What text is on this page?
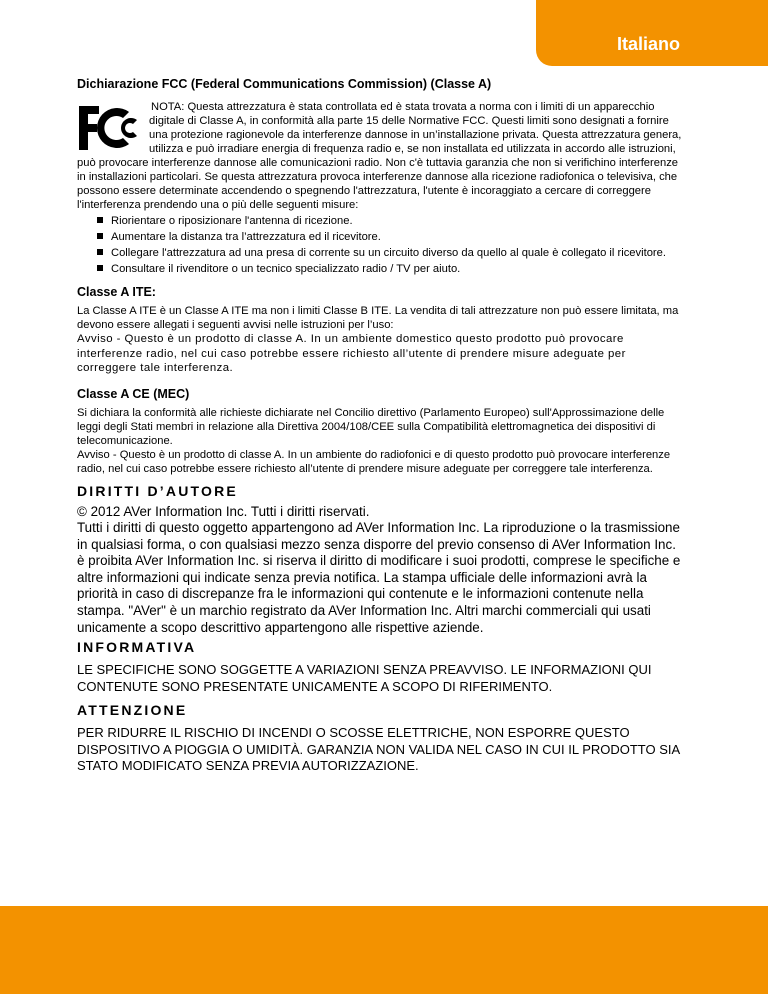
Italiano
Dichiarazione FCC (Federal Communications Commission) (Classe A)

NOTA: Questa attrezzatura è stata controllata ed è stata trovata a norma con i limiti di un apparecchio digitale di Classe A, in conformità alla parte 15 delle Normative FCC. Questi limiti sono designati a fornire una protezione ragionevole da interferenze dannose in un’installazione privata. Questa attrezzatura genera, utilizza e può irradiare energia di frequenza radio e, se non installata ed utilizzata in accordo alle istruzioni, può provocare interferenze dannose alle comunicazioni radio. Non c'è tuttavia garanzia che non si verifichino interferenze in installazioni particolari. Se questa attrezzatura provoca interferenze dannose alla ricezione radiofonica o televisiva, che possono essere determinate accendendo o spegnendo l'attrezzatura, l'utente è incoraggiato a cercare di correggere l'interferenza prendendo una o più delle seguenti misure:

Riorientare o riposizionare l'antenna di ricezione.
Aumentare la distanza tra l’attrezzatura ed il ricevitore.
Collegare l'attrezzatura ad una presa di corrente su un circuito diverso da quello al quale è collegato il ricevitore.
Consultare il rivenditore o un tecnico specializzato radio / TV per aiuto.
Classe A ITE:

La Classe A ITE è un Classe A ITE ma non i limiti Classe B ITE. La vendita di tali attrezzature non può essere limitata, ma devono essere allegati i seguenti avvisi nelle istruzioni per l’uso:

Avviso - Questo è un prodotto di classe A. In un ambiente domestico questo prodotto può provocare interferenze radio, nel cui caso potrebbe essere richiesto all’utente di prendere misure adeguate per correggere tale interferenza.

Classe A CE (MEC)

Si dichiara la conformità alle richieste dichiarate nel Concilio direttivo (Parlamento Europeo) sull'Approssimazione delle leggi degli Stati membri in relazione alla Direttiva 2004/108/CEE sulla Compatibilità elettromagnetica dei dispositivi di telecomunicazione.

Avviso - Questo è un prodotto di classe A. In un ambiente do radiofonici e di questo prodotto può provocare interferenze radio, nel cui caso potrebbe essere richiesto all’utente di prendere misure adeguate per correggere tale interferenza.

DIRITTI D’AUTORE

© 2012 AVer Information Inc. Tutti i diritti riservati.

Tutti i diritti di questo oggetto appartengono ad AVer Information Inc. La riproduzione o la trasmissione in qualsiasi forma, o con qualsiasi mezzo senza disporre del previo consenso di AVer Information Inc. è proibita AVer Information Inc. si riserva il diritto di modificare i suoi prodotti, comprese le specifiche e altre informazioni qui indicate senza previa notifica. La stampa ufficiale delle informazioni avrà la priorità in caso di discrepanze fra le informazioni qui contenute e le informazioni contenute nella stampa. "AVer" è un marchio registrato da AVer Information Inc. Altri marchi commerciali qui usati unicamente a scopo descrittivo appartengono alle rispettive aziende.

INFORMATIVA

LE SPECIFICHE SONO SOGGETTE A VARIAZIONI SENZA PREAVVISO. LE INFORMAZIONI QUI CONTENUTE SONO PRESENTATE UNICAMENTE A SCOPO DI RIFERIMENTO.

ATTENZIONE

PER RIDURRE IL RISCHIO DI INCENDI O SCOSSE ELETTRICHE, NON ESPORRE QUESTO DISPOSITIVO A PIOGGIA O UMIDITÀ. GARANZIA NON VALIDA NEL CASO IN CUI IL PRODOTTO SIA STATO MODIFICATO SENZA PREVIA AUTORIZZAZIONE.
